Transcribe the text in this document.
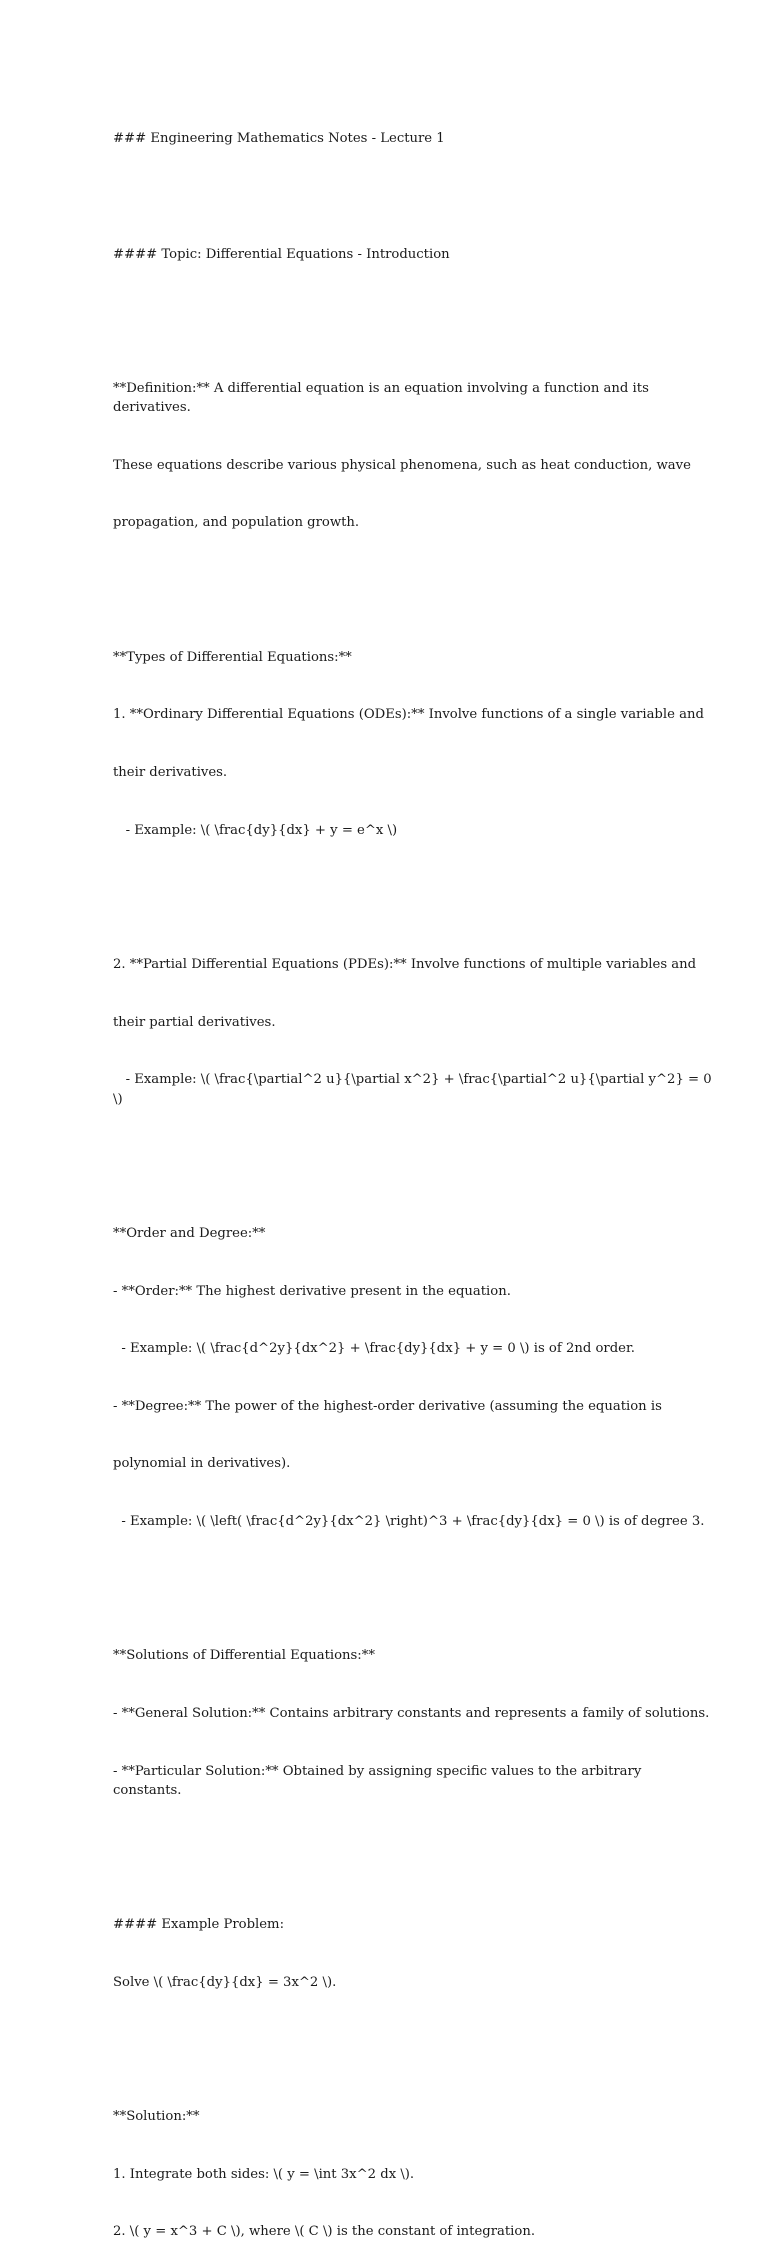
### Engineering Mathematics Notes - Lecture 1

#### Topic: Differential Equations - Introduction

**Definition:** A differential equation is an equation involving a function and its derivatives.

These equations describe various physical phenomena, such as heat conduction, wave

propagation, and population growth.

**Types of Differential Equations:**

1. **Ordinary Differential Equations (ODEs):** Involve functions of a single variable and

their derivatives.

- Example: \( \frac{dy}{dx} + y = e^x \)

2. **Partial Differential Equations (PDEs):** Involve functions of multiple variables and

their partial derivatives.

- Example: \( \frac{\partial^2 u}{\partial x^2} + \frac{\partial^2 u}{\partial y^2} = 0 \)

**Order and Degree:**

- **Order:** The highest derivative present in the equation.

- Example: \( \frac{d^2y}{dx^2} + \frac{dy}{dx} + y = 0 \) is of 2nd order.

- **Degree:** The power of the highest-order derivative (assuming the equation is

polynomial in derivatives).

- Example: \( \left( \frac{d^2y}{dx^2} \right)^3 + \frac{dy}{dx} = 0 \) is of degree 3.

**Solutions of Differential Equations:**

- **General Solution:** Contains arbitrary constants and represents a family of solutions.

- **Particular Solution:** Obtained by assigning specific values to the arbitrary constants.

#### Example Problem:

Solve \( \frac{dy}{dx} = 3x^2 \).

**Solution:**

1. Integrate both sides: \( y = \int 3x^2 dx \).

2. \( y = x^3 + C \), where \( C \) is the constant of integration.
